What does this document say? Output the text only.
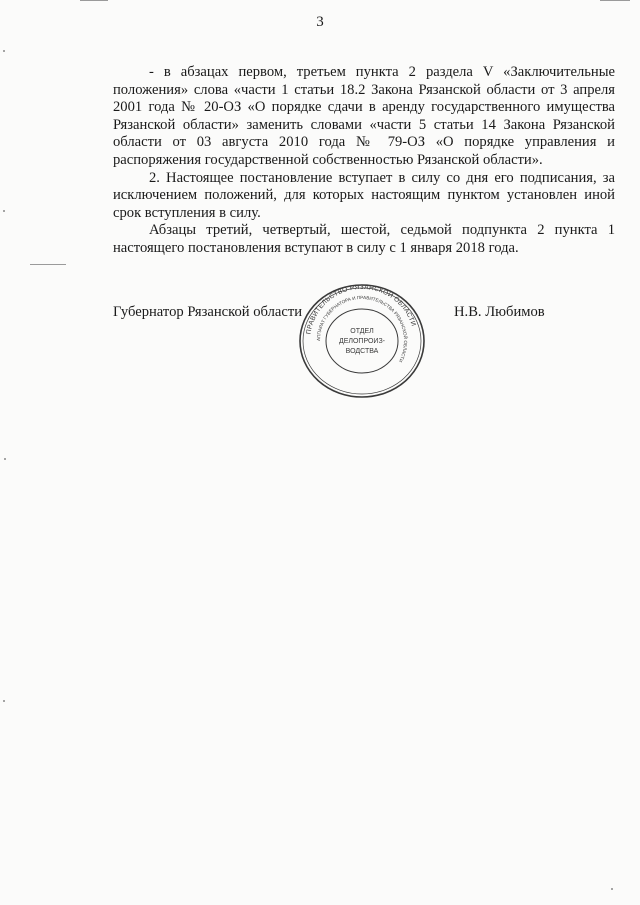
3

- в абзацах первом, третьем пункта 2 раздела V «Заключительные положения» слова «части 1 статьи 18.2 Закона Рязанской области от 3 апреля 2001 года № 20-ОЗ «О порядке сдачи в аренду государственного имущества Рязанской области» заменить словами «части 5 статьи 14 Закона Рязанской области от 03 августа 2010 года № 79-ОЗ «О порядке управления и распоряжения государственной собственностью Рязанской области».

2. Настоящее постановление вступает в силу со дня его подписания, за исключением положений, для которых настоящим пунктом установлен иной срок вступления в силу.

Абзацы третий, четвертый, шестой, седьмой подпункта 2 пункта 1 настоящего постановления вступают в силу с 1 января 2018 года.

Губернатор Рязанской области	Н.В. Любимов
ПРАВИТЕЛЬСТВО РЯЗАНСКОЙ ОБЛАСТИ
АППАРАТ ГУБЕРНАТОРА И ПРАВИТЕЛЬСТВА РЯЗАНСКОЙ ОБЛАСТИ
ОТДЕЛ
ДЕЛОПРОИЗ-
ВОДСТВА
